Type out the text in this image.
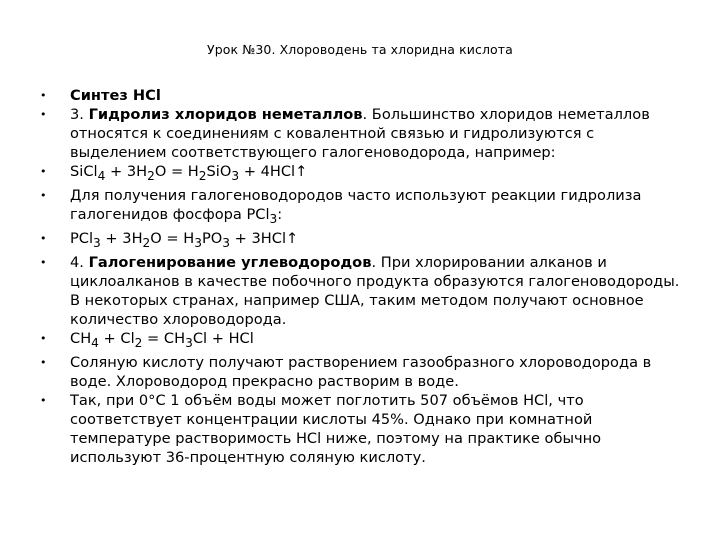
Урок №30. Хлороводень та хлоридна кислота
• Синтез HCl
• 3. Гидролиз хлоридов неметаллов. Большинство хлоридов неметаллов относятся к соединениям с ковалентной связью и гидролизуются с выделением соответствующего галогеноводорода, например:
• SiCl$_4$ + $3H_2O = H_2SiO_3$ + 4HCl↑
• Для получения галогеноводородов часто используют реакции гидролиза галогенидов фосфора PCl$_3$:
• $PCl_3 + 3H_2O = H_3PO_3$ + 3HCl↑
• 4. Галогенирование углеводородов. При хлорировании алканов и циклоалканов в качестве побочного продукта образуются галогеноводороды. В некоторых странах, например США, таким методом получают основное количество хлороводорода.
• $CH_4 + Cl_2 = CH_3Cl$ + HCl
• Соляную кислоту получают растворением газообразного хлороводорода в воде. Хлороводород прекрасно растворим в воде.
• Так, при 0°С 1 объём воды может поглотить 507 объёмов HCl, что соответствует концентрации кислоты 45%. Однако при комнатной температуре растворимость HCl ниже, поэтому на практике обычно используют 36-процентную соляную кислоту.
